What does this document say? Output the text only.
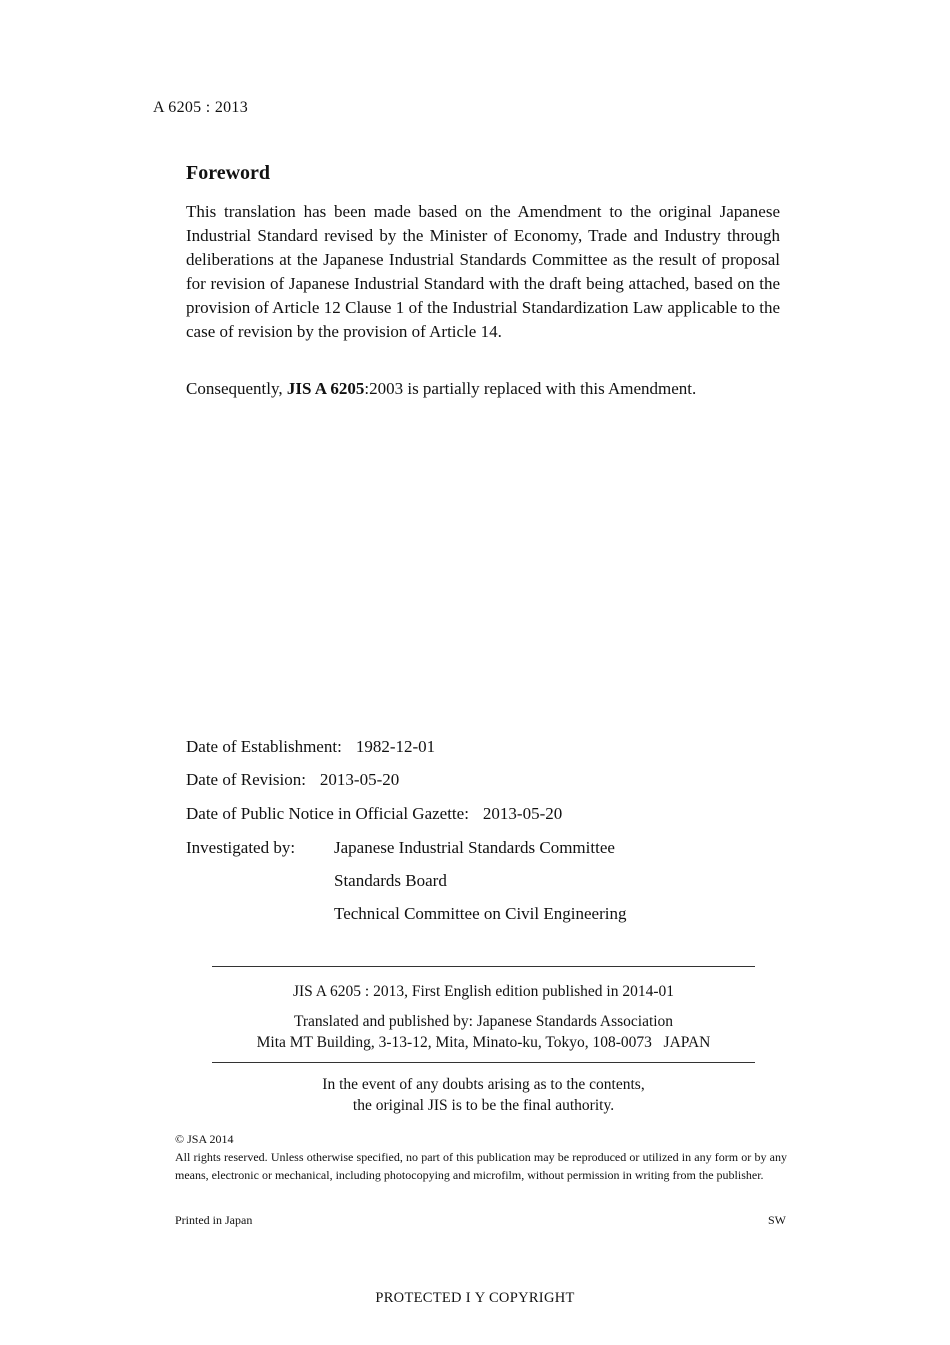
A 6205 : 2013
Foreword
This translation has been made based on the Amendment to the original Japanese Industrial Standard revised by the Minister of Economy, Trade and Industry through deliberations at the Japanese Industrial Standards Committee as the result of proposal for revision of Japanese Industrial Standard with the draft being attached, based on the provision of Article 12 Clause 1 of the Industrial Standardization Law applicable to the case of revision by the provision of Article 14.
Consequently, JIS A 6205:2003 is partially replaced with this Amendment.
Date of Establishment: 1982-12-01
Date of Revision: 2013-05-20
Date of Public Notice in Official Gazette: 2013-05-20
Investigated by: Japanese Industrial Standards Committee
Standards Board
Technical Committee on Civil Engineering
JIS A 6205 : 2013, First English edition published in 2014-01
Translated and published by: Japanese Standards Association
Mita MT Building, 3-13-12, Mita, Minato-ku, Tokyo, 108-0073   JAPAN
In the event of any doubts arising as to the contents,
the original JIS is to be the final authority.
© JSA 2014
All rights reserved. Unless otherwise specified, no part of this publication may be reproduced or utilized in any form or by any means, electronic or mechanical, including photocopying and microfilm, without permission in writing from the publisher.
Printed in Japan	SW
PROTECTED І Y COPYRIGHT
